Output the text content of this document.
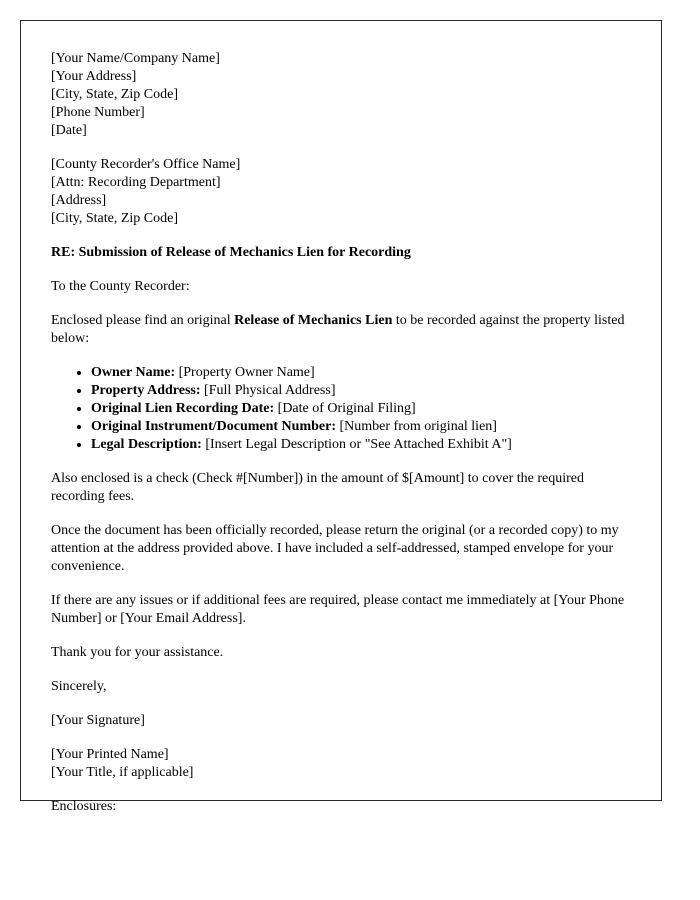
[Your Name/Company Name]
[Your Address]
[City, State, Zip Code]
[Phone Number]
[Date]
[County Recorder's Office Name]
[Attn: Recording Department]
[Address]
[City, State, Zip Code]

RE: Submission of Release of Mechanics Lien for Recording

To the County Recorder:

Enclosed please find an original Release of Mechanics Lien to be recorded against the property listed below:

• Owner Name: [Property Owner Name]
• Property Address: [Full Physical Address]
• Original Lien Recording Date: [Date of Original Filing]
• Original Instrument/Document Number: [Number from original lien]
• Legal Description: [Insert Legal Description or "See Attached Exhibit A"]

Also enclosed is a check (Check #[Number]) in the amount of $[Amount] to cover the required recording fees.

Once the document has been officially recorded, please return the original (or a recorded copy) to my attention at the address provided above. I have included a self-addressed, stamped envelope for your convenience.

If there are any issues or if additional fees are required, please contact me immediately at [Your Phone Number] or [Your Email Address].

Thank you for your assistance.

Sincerely,

[Your Signature]

[Your Printed Name]
[Your Title, if applicable]

Enclosures:
